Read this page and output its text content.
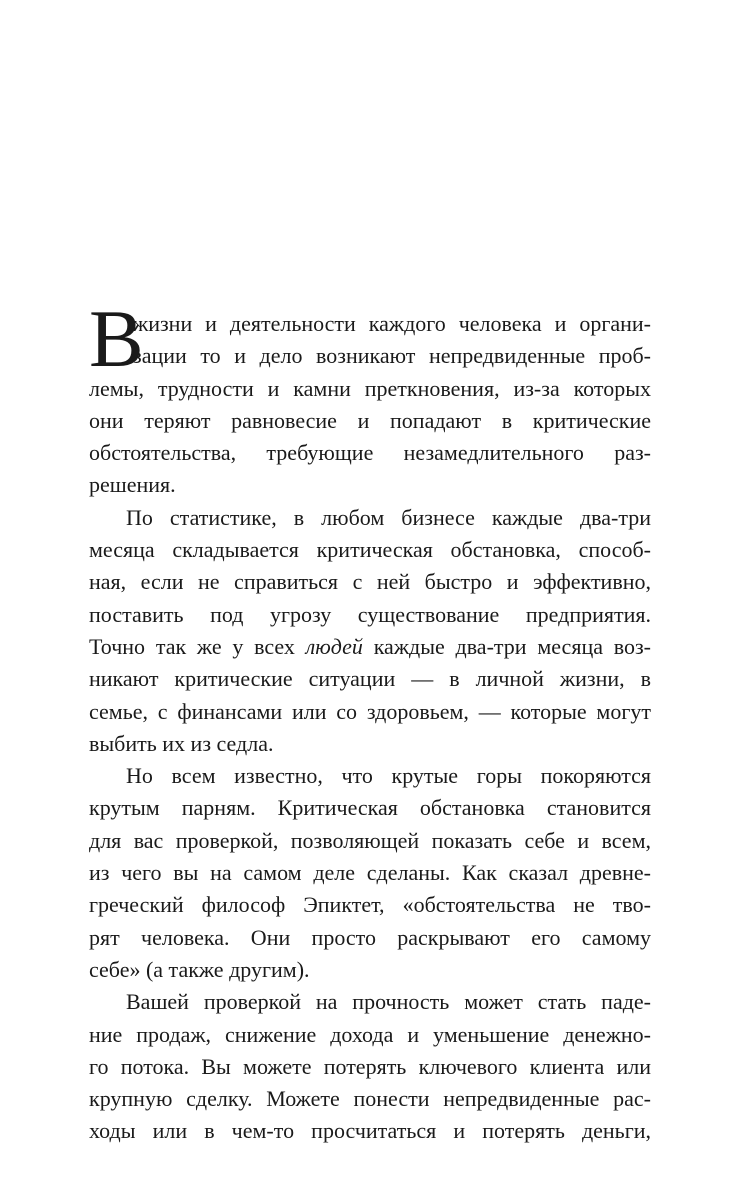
В
жизни и деятельности каждого человека и органи-
зации то и дело возникают непредвиденные проб-
лемы, трудности и камни преткновения, из-за которых
они теряют равновесие и попадают в критические
обстоятельства, требующие незамедлительного раз-
решения.
По статистике, в любом бизнесе каждые два-три
месяца складывается критическая обстановка, способ-
ная, если не справиться с ней быстро и эффективно,
поставить под угрозу существование предприятия.
Точно так же у всех людей каждые два-три месяца воз-
никают критические ситуации — в личной жизни, в
семье, с финансами или со здоровьем, — которые могут
выбить их из седла.
Но всем известно, что крутые горы покоряются
крутым парням. Критическая обстановка становится
для вас проверкой, позволяющей показать себе и всем,
из чего вы на самом деле сделаны. Как сказал древне-
греческий философ Эпиктет, «обстоятельства не тво-
рят человека. Они просто раскрывают его самому
себе» (а также другим).
Вашей проверкой на прочность может стать паде-
ние продаж, снижение дохода и уменьшение денежно-
го потока. Вы можете потерять ключевого клиента или
крупную сделку. Можете понести непредвиденные рас-
ходы или в чем-то просчитаться и потерять деньги,
